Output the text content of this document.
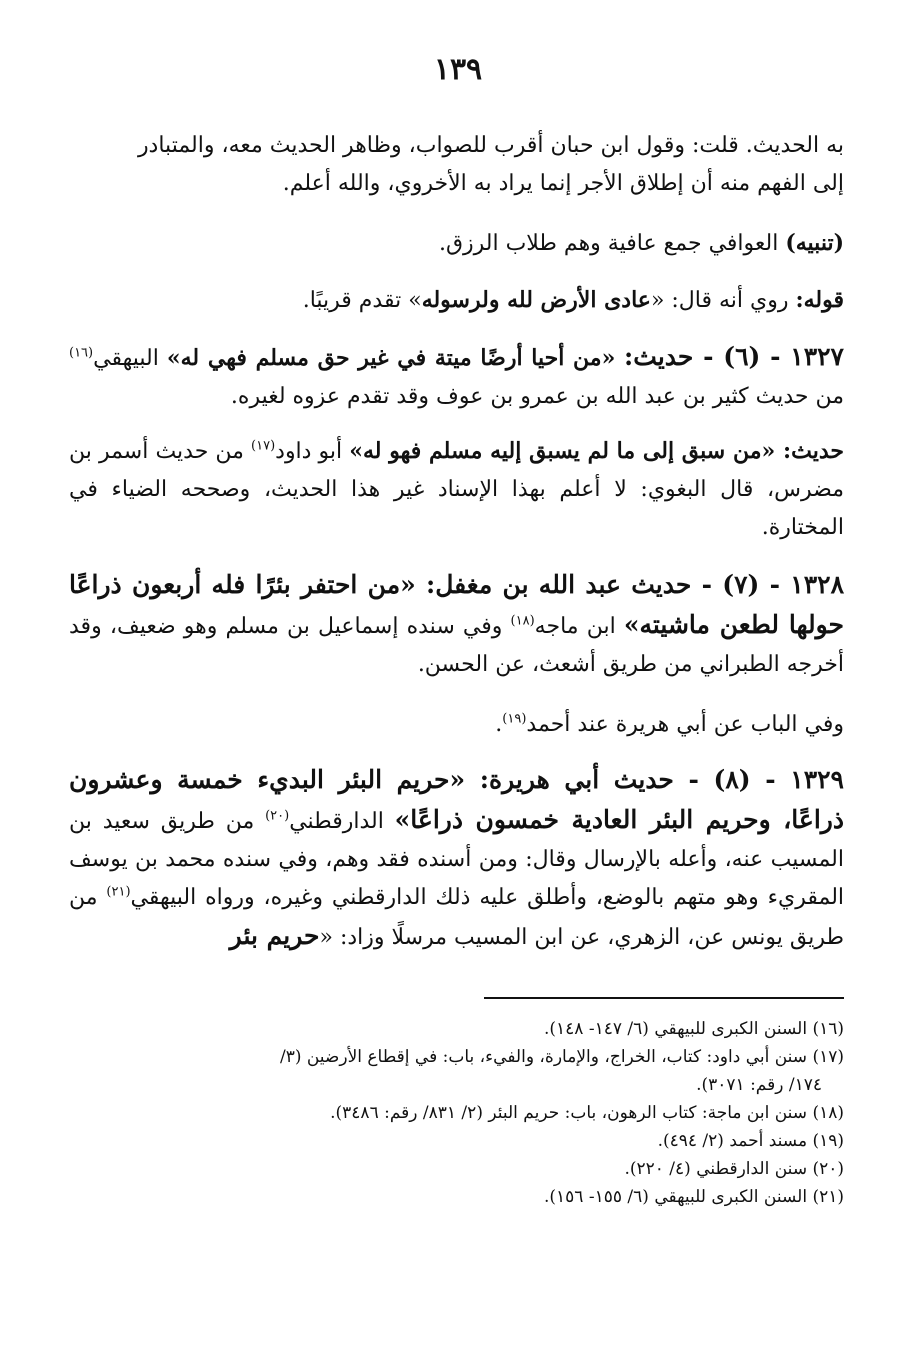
١٣٩
به الحديث. قلت: وقول ابن حبان أقرب للصواب، وظاهر الحديث معه، والمتبادر
إلى الفهم منه أن إطلاق الأجر إنما يراد به الأخروي، والله أعلم.
(تنبيه) العوافي جمع عافية وهم طلاب الرزق.
قوله: روي أنه قال: «عادى الأرض لله ولرسوله» تقدم قريبًا.
١٣٢٧ - (٦) - حديث: «من أحيا أرضًا ميتة في غير حق مسلم فهي له» البيهقي$^{(١٦)}$ من حديث كثير بن عبد الله بن عمرو بن عوف وقد تقدم عزوه لغيره.
حديث: «من سبق إلى ما لم يسبق إليه مسلم فهو له» أبو داود$^{(١٧)}$ من حديث أسمر بن مضرس، قال البغوي: لا أعلم بهذا الإسناد غير هذا الحديث، وصححه الضياء في المختارة.
١٣٢٨ - (٧) - حديث عبد الله بن مغفل: «من احتفر بئرًا فله أربعون ذراعًا حولها لطعن ماشيته» ابن ماجه$^{(١٨)}$ وفي سنده إسماعيل بن مسلم وهو ضعيف، وقد أخرجه الطبراني من طريق أشعث، عن الحسن.
وفي الباب عن أبي هريرة عند أحمد$^{(١٩)}$.
١٣٢٩ - (٨) - حديث أبي هريرة: «حريم البئر البديء خمسة وعشرون ذراعًا، وحريم البئر العادية خمسون ذراعًا» الدارقطني$^{(٢٠)}$ من طريق سعيد بن المسيب عنه، وأعله بالإرسال وقال: ومن أسنده فقد وهم، وفي سنده محمد بن يوسف المقريء وهو متهم بالوضع، وأطلق عليه ذلك الدارقطني وغيره، ورواه البيهقي$^{(٢١)}$ من طريق يونس عن، الزهري، عن ابن المسيب مرسلًا وزاد: «حريم بئر
(١٦) السنن الكبرى للبيهقي (٦/ ١٤٧- ١٤٨).
(١٧) سنن أبي داود: كتاب، الخراج، والإمارة، والفيء، باب: في إقطاع الأرضين (٣/
١٧٤/ رقم: ٣٠٧١).
(١٨) سنن ابن ماجة: كتاب الرهون، باب: حريم البئر (٢/ ٨٣١/ رقم: ٣٤٨٦).
(١٩) مسند أحمد (٢/ ٤٩٤).
(٢٠) سنن الدارقطني (٤/ ٢٢٠).
(٢١) السنن الكبرى للبيهقي (٦/ ١٥٥- ١٥٦).
